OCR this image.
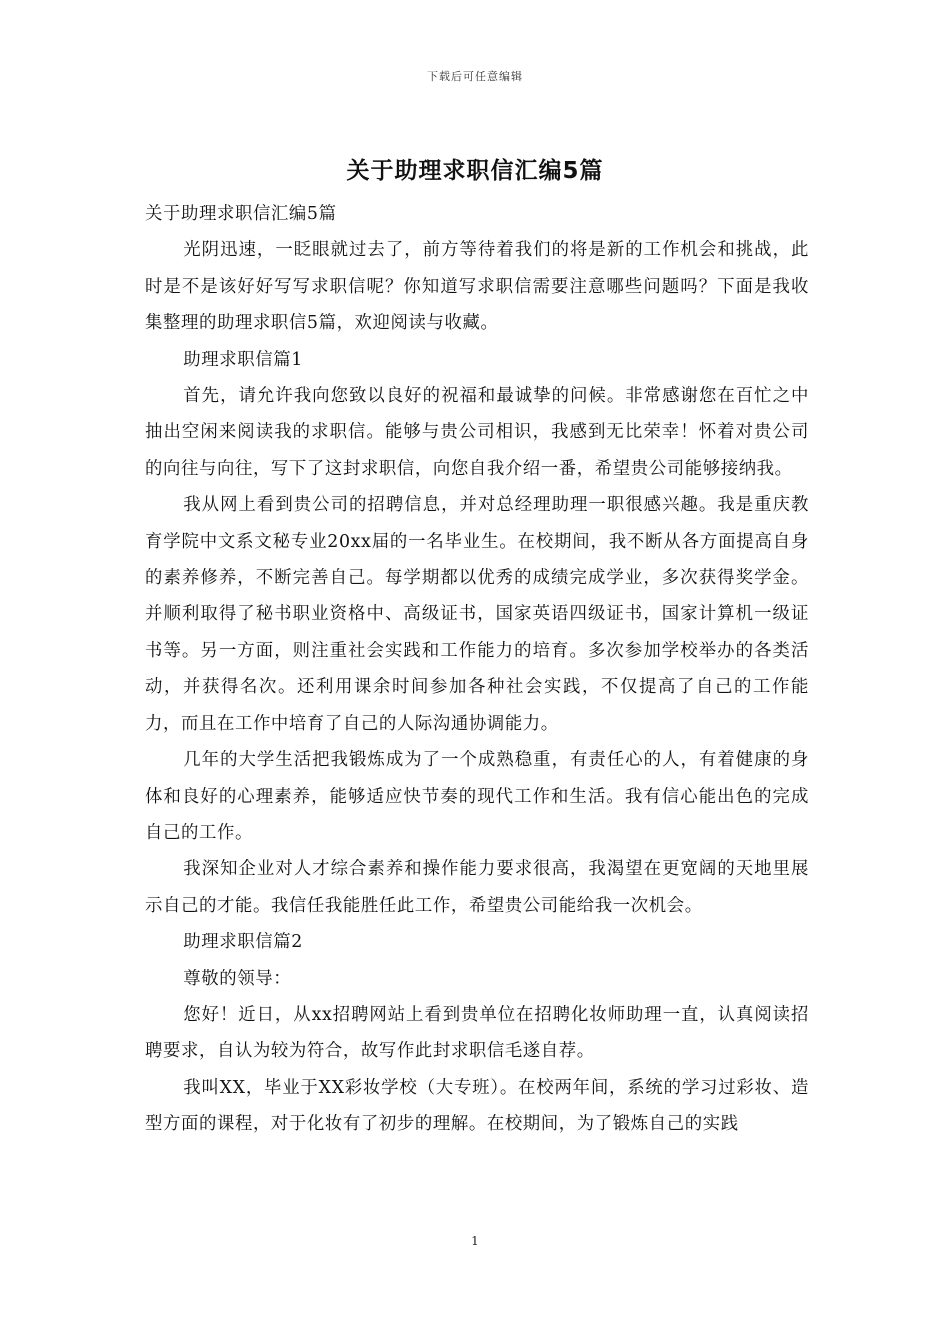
下载后可任意编辑
关于助理求职信汇编5篇

关于助理求职信汇编5篇

光阴迅速，一眨眼就过去了，前方等待着我们的将是新的工作机会和挑战，此时是不是该好好写写求职信呢？你知道写求职信需要注意哪些问题吗？下面是我收集整理的助理求职信5篇，欢迎阅读与收藏。

助理求职信篇1

首先，请允许我向您致以良好的祝福和最诚挚的问候。非常感谢您在百忙之中抽出空闲来阅读我的求职信。能够与贵公司相识，我感到无比荣幸！怀着对贵公司的向往与向往，写下了这封求职信，向您自我介绍一番，希望贵公司能够接纳我。

我从网上看到贵公司的招聘信息，并对总经理助理一职很感兴趣。我是重庆教育学院中文系文秘专业20xx届的一名毕业生。在校期间，我不断从各方面提高自身的素养修养，不断完善自己。每学期都以优秀的成绩完成学业，多次获得奖学金。并顺利取得了秘书职业资格中、高级证书，国家英语四级证书，国家计算机一级证书等。另一方面，则注重社会实践和工作能力的培育。多次参加学校举办的各类活动，并获得名次。还利用课余时间参加各种社会实践，不仅提高了自己的工作能力，而且在工作中培育了自己的人际沟通协调能力。

几年的大学生活把我锻炼成为了一个成熟稳重，有责任心的人，有着健康的身体和良好的心理素养，能够适应快节奏的现代工作和生活。我有信心能出色的完成自己的工作。

我深知企业对人才综合素养和操作能力要求很高，我渴望在更宽阔的天地里展示自己的才能。我信任我能胜任此工作，希望贵公司能给我一次机会。

助理求职信篇2

尊敬的领导：

您好！近日，从xx招聘网站上看到贵单位在招聘化妆师助理一直，认真阅读招聘要求，自认为较为符合，故写作此封求职信毛遂自荐。

我叫XX，毕业于XX彩妆学校（大专班）。在校两年间，系统的学习过彩妆、造型方面的课程，对于化妆有了初步的理解。在校期间，为了锻炼自己的实践

1
